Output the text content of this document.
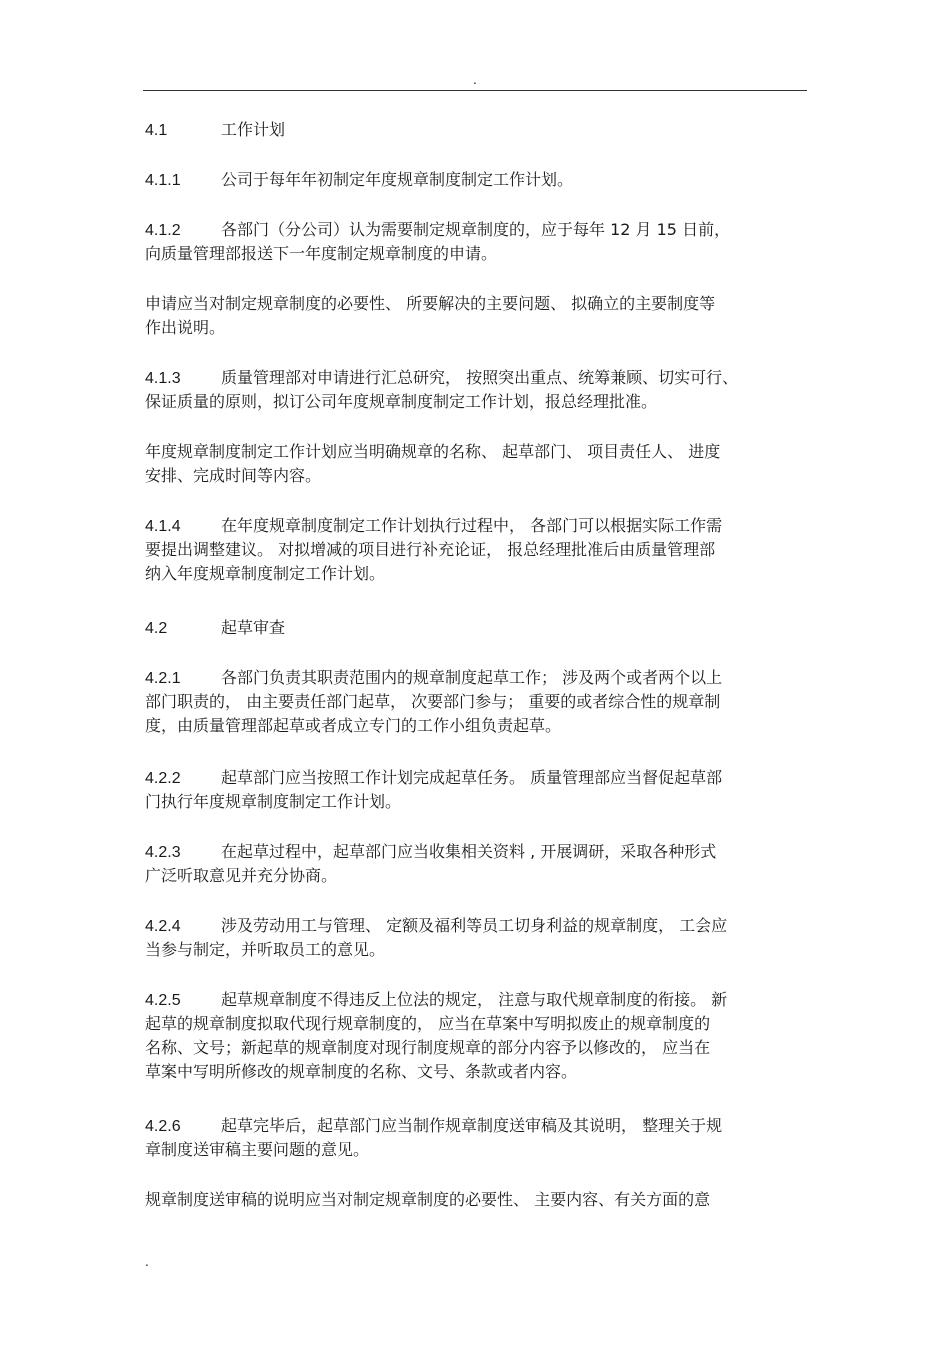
.
4.1	工作计划
4.1.1	公司于每年年初制定年度规章制度制定工作计划。
4.1.2	各部门（分公司）认为需要制定规章制度的，应于每年 12 月 15 日前，
向质量管理部报送下一年度制定规章制度的申请。
申请应当对制定规章制度的必要性、 所要解决的主要问题、 拟确立的主要制度等
作出说明。
4.1.3	质量管理部对申请进行汇总研究， 按照突出重点、统筹兼顾、切实可行、
保证质量的原则，拟订公司年度规章制度制定工作计划，报总经理批准。
年度规章制度制定工作计划应当明确规章的名称、 起草部门、 项目责任人、 进度
安排、完成时间等内容。
4.1.4	在年度规章制度制定工作计划执行过程中， 各部门可以根据实际工作需
要提出调整建议。 对拟增减的项目进行补充论证， 报总经理批准后由质量管理部
纳入年度规章制度制定工作计划。
4.2	起草审查
4.2.1	各部门负责其职责范围内的规章制度起草工作； 涉及两个或者两个以上
部门职责的， 由主要责任部门起草， 次要部门参与； 重要的或者综合性的规章制
度，由质量管理部起草或者成立专门的工作小组负责起草。
4.2.2	起草部门应当按照工作计划完成起草任务。 质量管理部应当督促起草部
门执行年度规章制度制定工作计划。
4.2.3	在起草过程中，起草部门应当收集相关资料 , 开展调研，采取各种形式
广泛听取意见并充分协商。
4.2.4	涉及劳动用工与管理、 定额及福利等员工切身利益的规章制度， 工会应
当参与制定，并听取员工的意见。
4.2.5	起草规章制度不得违反上位法的规定， 注意与取代规章制度的衔接。 新
起草的规章制度拟取代现行规章制度的， 应当在草案中写明拟废止的规章制度的
名称、文号；新起草的规章制度对现行制度规章的部分内容予以修改的， 应当在
草案中写明所修改的规章制度的名称、文号、条款或者内容。
4.2.6	起草完毕后，起草部门应当制作规章制度送审稿及其说明， 整理关于规
章制度送审稿主要问题的意见。
规章制度送审稿的说明应当对制定规章制度的必要性、 主要内容、有关方面的意
.
